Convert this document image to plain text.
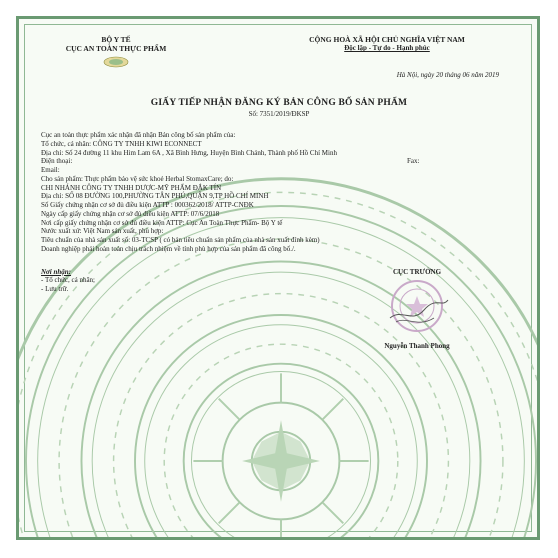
BỘ Y TẾ
CỤC AN TOÀN THỰC PHẨM
CỘNG HOÀ XÃ HỘI CHỦ NGHĨA VIỆT NAM
Độc lập - Tự do - Hạnh phúc
Hà Nội, ngày 20 tháng 06 năm 2019
GIẤY TIẾP NHẬN ĐĂNG KÝ BẢN CÔNG BỐ SẢN PHẨM
Số: 7351/2019/ĐKSP

Cục an toàn thực phẩm xác nhận đã nhận Bản công bố sản phẩm của:

Tổ chức, cá nhân: CÔNG TY TNHH KIWI ECONNECT

Địa chỉ: Số 24 đường 11 khu Him Lam 6A , Xã Bình Hưng, Huyện Bình Chánh, Thành phố Hồ Chí Minh

Điện thoại:	Fax:

Email:

Cho sản phẩm: Thực phẩm bảo vệ sức khoẻ Herbal StomaxCare; do:

CHI NHÁNH CÔNG TY TNHH DƯỢC-MỸ PHẨM ĐẮK TÍN

Địa chỉ: SỐ 08 ĐƯỜNG 100,PHƯỜNG TÂN PHÚ,QUẬN 9,TP HỒ CHÍ MINH

Số Giấy chứng nhận cơ sở đủ điều kiện ATTP : 000362/2018/ ATTP-CNĐK

Ngày cấp giấy chứng nhận cơ sở đủ điều kiện ATTP: 07/6/2018

Nơi cấp giấy chứng nhận cơ sở đủ điều kiện ATTP: Cục An Toàn Thực Phẩm- Bộ Y tế

Nước xuất xứ: Việt Nam sản xuất, phù hợp:

Tiêu chuẩn của nhà sản xuất số: 03-TCSP ( có bản tiêu chuẩn sản phẩm của nhà sản xuất đính kèm)

Doanh nghiệp phải hoàn toàn chịu trách nhiệm về tính phù hợp của sản phẩm đã công bố./.

Nơi nhận:
- Tổ chức, cá nhân;
- Lưu trữ.
CỤC TRƯỞNG
Nguyễn Thanh Phong
